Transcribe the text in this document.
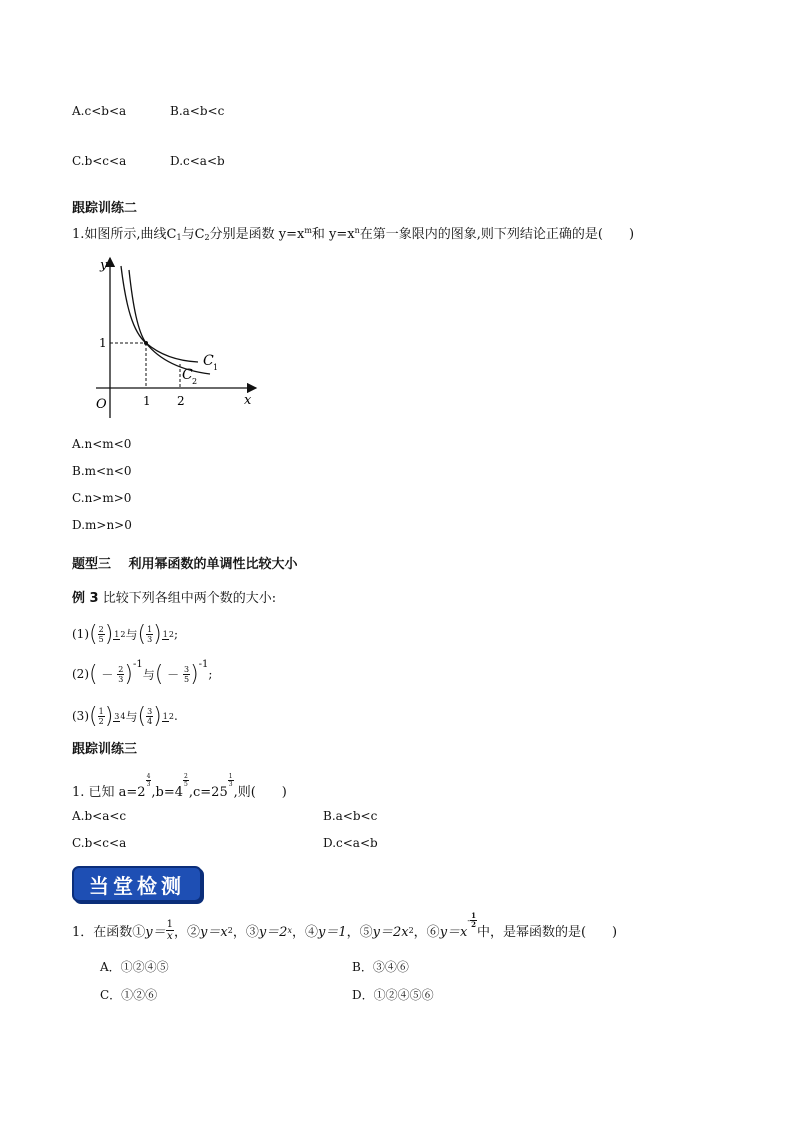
A.c<b<a	B.a<b<c
C.b<c<a	D.c<a<b
跟踪训练二
1.如图所示,曲线$C_1$与$C_2$分别是函数 $y=x^m$和 $y=x^n$在第一象限内的图象,则下列结论正确的是(　　)
y
x
O
1
1 2
C 1
C 2
A.n<m<0
B.m<n<0
C.n>m>0
D.m>n>0
题型三　 利用幂函数的单调性比较大小
例 3 比较下列各组中两个数的大小:
(1) ( $\frac{2}{5}$ ) 12 与 ( $\frac{1}{3}$ ) 12 ;
(2) (
－
$\frac{2}{3}$ ) -1
与 (
－
$\frac{3}{5}$ ) -1
;
(3) ( $\frac{1}{2}$ ) 34 与 ( $\frac{3}{4}$ ) 12 .
跟踪训练三
1. 已知 a=2
$\frac{4}{3}$
,b=4
$\frac{2}{5}$
,c=25
$\frac{1}{3}$
,则(　　)
A.b<a<c	B.a<b<c
C.b<c<a	D.c<a<b
当堂检测
1．在函数① $y= \frac{1}{x}$ ，② y＝x 2 ，③ y＝2 x ，④ y＝1 ，⑤ y＝2x 2 ，⑥ y＝x
- $\frac{1}{2}$
中，是幂函数的是(　　)
A．①②④⑤	B．③④⑥
C．①②⑥	D．①②④⑤⑥
